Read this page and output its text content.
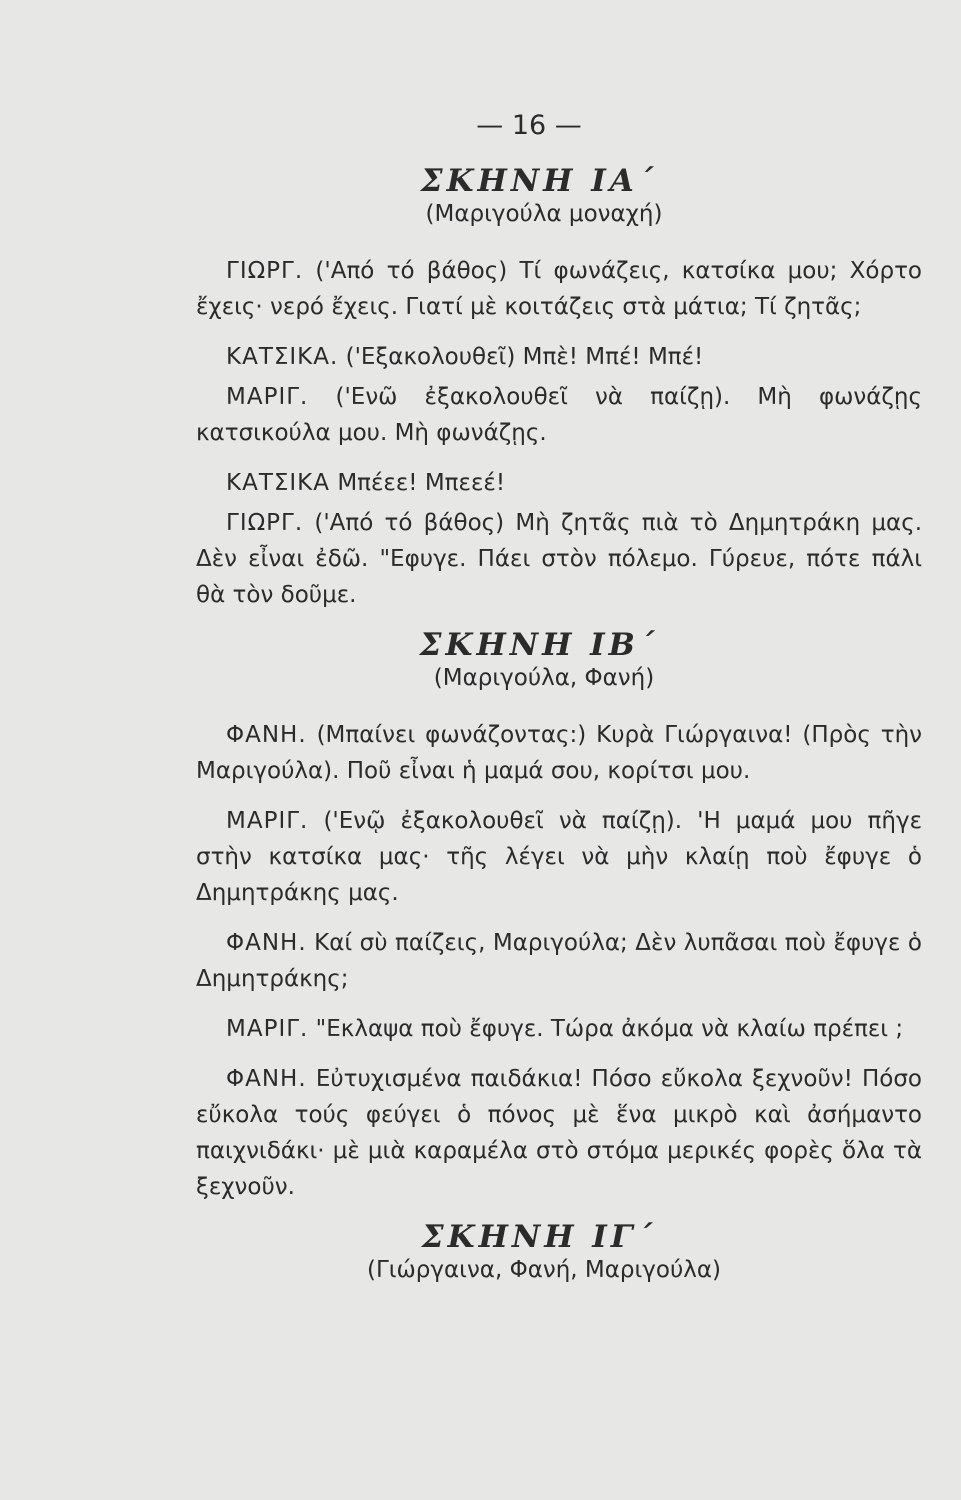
— 16 —
ΣΚΗΝΗ ΙΑ΄
(Μαριγούλα μοναχή)

ΓΙΩΡΓ. ('Από τό βάθος) Τί φωνάζεις, κατσίκα μου; Χόρτο ἔχεις· νερό ἔχεις. Γιατί μὲ κοιτάζεις στὰ μάτια; Τί ζητᾶς;

ΚΑΤΣΙΚΑ. ('Εξακολουθεῖ) Μπὲ! Μπέ! Μπέ!

ΜΑΡΙΓ. ('Ενῶ ἐξακολουθεῖ νὰ παίζῃ). Μὴ φωνάζῃς κατσικούλα μου. Μὴ φωνάζῃς.

ΚΑΤΣΙΚΑ Μπέεε! Μπεεέ!

ΓΙΩΡΓ. ('Από τό βάθος) Μὴ ζητᾶς πιὰ τὸ Δημητράκη μας. Δὲν εἶναι ἐδῶ. "Εφυγε. Πάει στὸν πόλεμο. Γύρευε, πότε πάλι θὰ τὸν δοῦμε.

ΣΚΗΝΗ ΙΒ΄
(Μαριγούλα, Φανή)

ΦΑΝΗ. (Μπαίνει φωνάζοντας:) Κυρὰ Γιώργαινα! (Πρὸς τὴν Μαριγούλα). Ποῦ εἶναι ἡ μαμά σου, κορίτσι μου.

ΜΑΡΙΓ. ('Ενῷ ἐξακολουθεῖ νὰ παίζῃ). 'Η μαμά μου πῆγε στὴν κατσίκα μας· τῆς λέγει νὰ μὴν κλαίῃ ποὺ ἔφυγε ὁ Δημητράκης μας.

ΦΑΝΗ. Καί σὺ παίζεις, Μαριγούλα; Δὲν λυπᾶσαι ποὺ ἔφυγε ὁ Δημητράκης;

ΜΑΡΙΓ. "Εκλαψα ποὺ ἔφυγε. Τώρα ἀκόμα νὰ κλαίω πρέπει ;

ΦΑΝΗ. Εὐτυχισμένα παιδάκια! Πόσο εὔκολα ξεχνοῦν! Πόσο εὔκολα τούς φεύγει ὁ πόνος μὲ ἕνα μικρὸ καὶ ἀσήμαντο παιχνιδάκι· μὲ μιὰ καραμέλα στὸ στόμα μερικές φορὲς ὅλα τὰ ξεχνοῦν.

ΣΚΗΝΗ ΙΓ΄
(Γιώργαινα, Φανή, Μαριγούλα)
